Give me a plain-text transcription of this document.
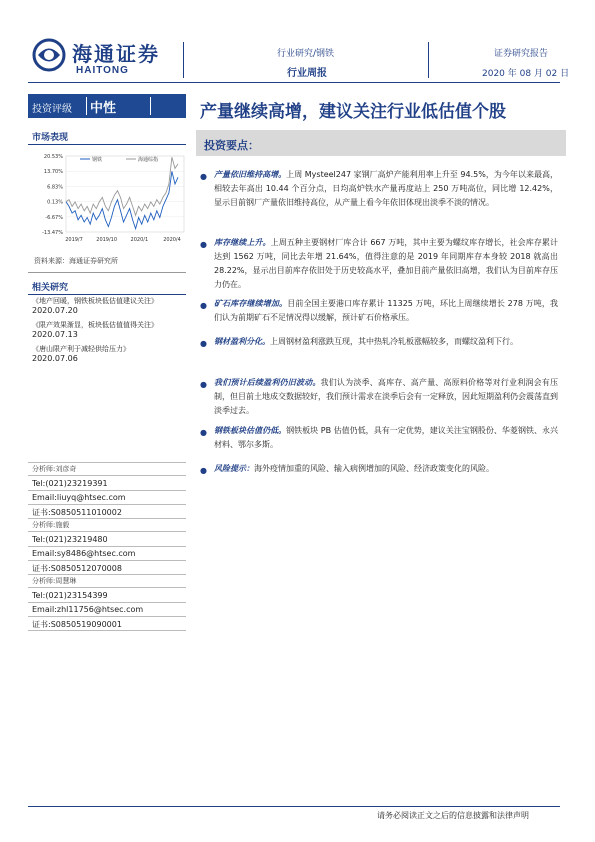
海通证券
HAITONG
行业研究/钢铁
行业周报
证券研究报告
2020 年 08 月 02 日
投资评级 中性	产量继续高增，建议关注行业低估值个股
市场表现
20.53%
13.70%
6.83%
0.13%
-6.67%
-13.47%
2019/7	2019/10	2020/1	2020/4
钢铁	海通综指
资料来源：海通证券研究所
相关研究
《地产回暖，钢铁板块低估值建议关注》
2020.07.20
《限产效果渐显，板块低估值值得关注》
2020.07.13
《唐山限产利于减轻供给压力》
2020.07.06
分析师:刘彦奇
Tel:(021)23219391
Email:liuyq@htsec.com
证书:S0850511010002
分析师:施毅
Tel:(021)23219480
Email:sy8486@htsec.com
证书:S0850512070008
分析师:周慧琳
Tel:(021)23154399
Email:zhl11756@htsec.com
证书:S0850519090001
投资要点：
● 产量依旧维持高增。上周 Mysteel247 家钢厂高炉产能利用率上升至 94.5%，为今年以来最高，相较去年高出 10.44 个百分点，日均高炉铁水产量再度站上 250 万吨高位，同比增 12.42%，显示目前钢厂产量依旧维持高位，从产量上看今年依旧体现出淡季不淡的情况。
● 库存继续上升。上周五种主要钢材厂库合计 667 万吨，其中主要为螺纹库存增长，社会库存累计达到 1562 万吨，同比去年增 21.64%，值得注意的是 2019 年同期库存本身较 2018 就高出 28.22%，显示出目前库存依旧处于历史较高水平，叠加目前产量依旧高增，我们认为目前库存压力仍在。
● 矿石库存继续增加。目前全国主要港口库存累计 11325 万吨，环比上周继续增长 278 万吨，我们认为前期矿石不足情况得以缓解，预计矿石价格承压。
● 钢材盈利分化。上周钢材盈利涨跌互现，其中热轧冷轧板涨幅较多，而螺纹盈利下行。
● 我们预计后续盈利仍旧波动。我们认为淡季、高库存、高产量、高原料价格等对行业利润会有压制，但目前土地成交数据较好，我们预计需求在淡季后会有一定释放，因此短期盈利仍会震荡直到淡季过去。
● 钢铁板块估值仍低。钢铁板块 PB 估值仍低，具有一定优势，建议关注宝钢股份、华菱钢铁、永兴材料、鄂尔多斯。
● 风险提示：海外疫情加重的风险、输入病例增加的风险、经济政策变化的风险。
请务必阅读正文之后的信息披露和法律声明
